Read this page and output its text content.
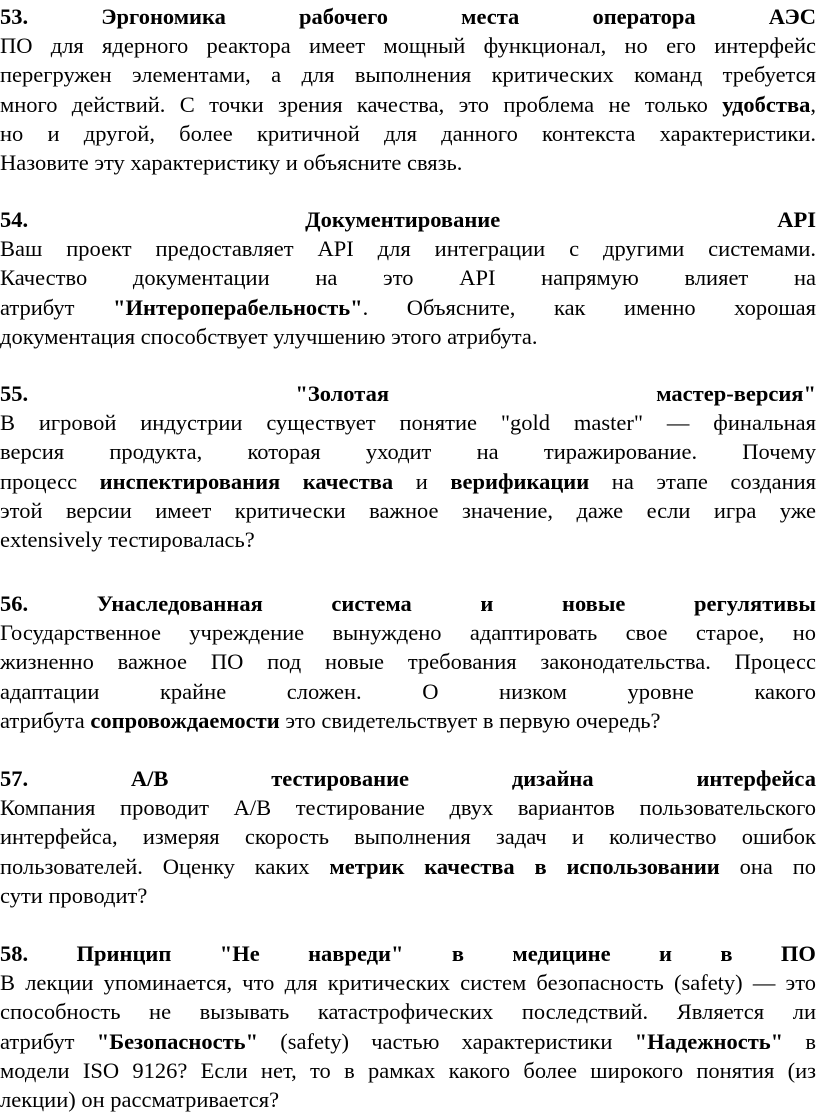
53.	Эргономика	рабочего	места	оператора	АЭС
ПО для ядерного реактора имеет мощный функционал, но его интерфейс
перегружен элементами, а для выполнения критических команд требуется
много действий. С точки зрения качества, это проблема не только удобства,
но и другой, более критичной для данного контекста характеристики.
Назовите эту характеристику и объясните связь.
54.	Документирование	API
Ваш проект предоставляет API для интеграции с другими системами.
Качество документации на это API напрямую влияет на
атрибут "Интероперабельность". Объясните, как именно хорошая
документация способствует улучшению этого атрибута.
55.	"Золотая	мастер-версия"
В игровой индустрии существует понятие "gold master" — финальная
версия продукта, которая уходит на тиражирование. Почему
процесс инспектирования качества и верификации на этапе создания
этой версии имеет критически важное значение, даже если игра уже
extensively тестировалась?
56.	Унаследованная	система	и	новые	регулятивы
Государственное учреждение вынуждено адаптировать свое старое, но
жизненно важное ПО под новые требования законодательства. Процесс
адаптации крайне сложен. О низком уровне какого
атрибута сопровождаемости это свидетельствует в первую очередь?
57.	A/B	тестирование	дизайна	интерфейса
Компания проводит A/B тестирование двух вариантов пользовательского
интерфейса, измеряя скорость выполнения задач и количество ошибок
пользователей. Оценку каких метрик качества в использовании она по
сути проводит?
58. Принцип "Не навреди" в медицине и в ПО
В лекции упоминается, что для критических систем безопасность (safety) — это
способность не вызывать катастрофических последствий. Является ли
атрибут "Безопасность" (safety) частью характеристики "Надежность" в
модели ISO 9126? Если нет, то в рамках какого более широкого понятия (из
лекции) он рассматривается?
